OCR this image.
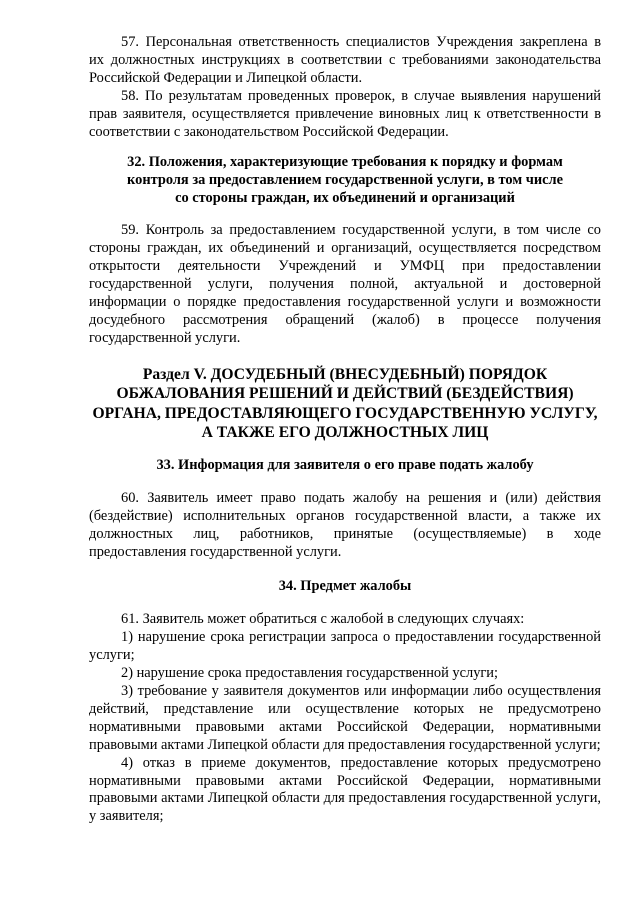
57. Персональная ответственность специалистов Учреждения закреплена в их должностных инструкциях в соответствии с требованиями законодательства Российской Федерации и Липецкой области.

58. По результатам проведенных проверок, в случае выявления нарушений прав заявителя, осуществляется привлечение виновных лиц к ответственности в соответствии с законодательством Российской Федерации.

32. Положения, характеризующие требования к порядку и формам контроля за предоставлением государственной услуги, в том числе со стороны граждан, их объединений и организаций

59. Контроль за предоставлением государственной услуги, в том числе со стороны граждан, их объединений и организаций, осуществляется посредством открытости деятельности Учреждений и УМФЦ при предоставлении государственной услуги, получения полной, актуальной и достоверной информации о порядке предоставления государственной услуги и возможности досудебного рассмотрения обращений (жалоб) в процессе получения государственной услуги.

Раздел V. ДОСУДЕБНЫЙ (ВНЕСУДЕБНЫЙ) ПОРЯДОК ОБЖАЛОВАНИЯ РЕШЕНИЙ И ДЕЙСТВИЙ (БЕЗДЕЙСТВИЯ) ОРГАНА, ПРЕДОСТАВЛЯЮЩЕГО ГОСУДАРСТВЕННУЮ УСЛУГУ, А ТАКЖЕ ЕГО ДОЛЖНОСТНЫХ ЛИЦ

33. Информация для заявителя о его праве подать жалобу

60. Заявитель имеет право подать жалобу на решения и (или) действия (бездействие) исполнительных органов государственной власти, а также их должностных лиц, работников, принятые (осуществляемые) в ходе предоставления государственной услуги.

34. Предмет жалобы

61. Заявитель может обратиться с жалобой в следующих случаях:

1) нарушение срока регистрации запроса о предоставлении государственной услуги;

2) нарушение срока предоставления государственной услуги;

3) требование у заявителя документов или информации либо осуществления действий, представление или осуществление которых не предусмотрено нормативными правовыми актами Российской Федерации, нормативными правовыми актами Липецкой области для предоставления государственной услуги;

4) отказ в приеме документов, предоставление которых предусмотрено нормативными правовыми актами Российской Федерации, нормативными правовыми актами Липецкой области для предоставления государственной услуги, у заявителя;
